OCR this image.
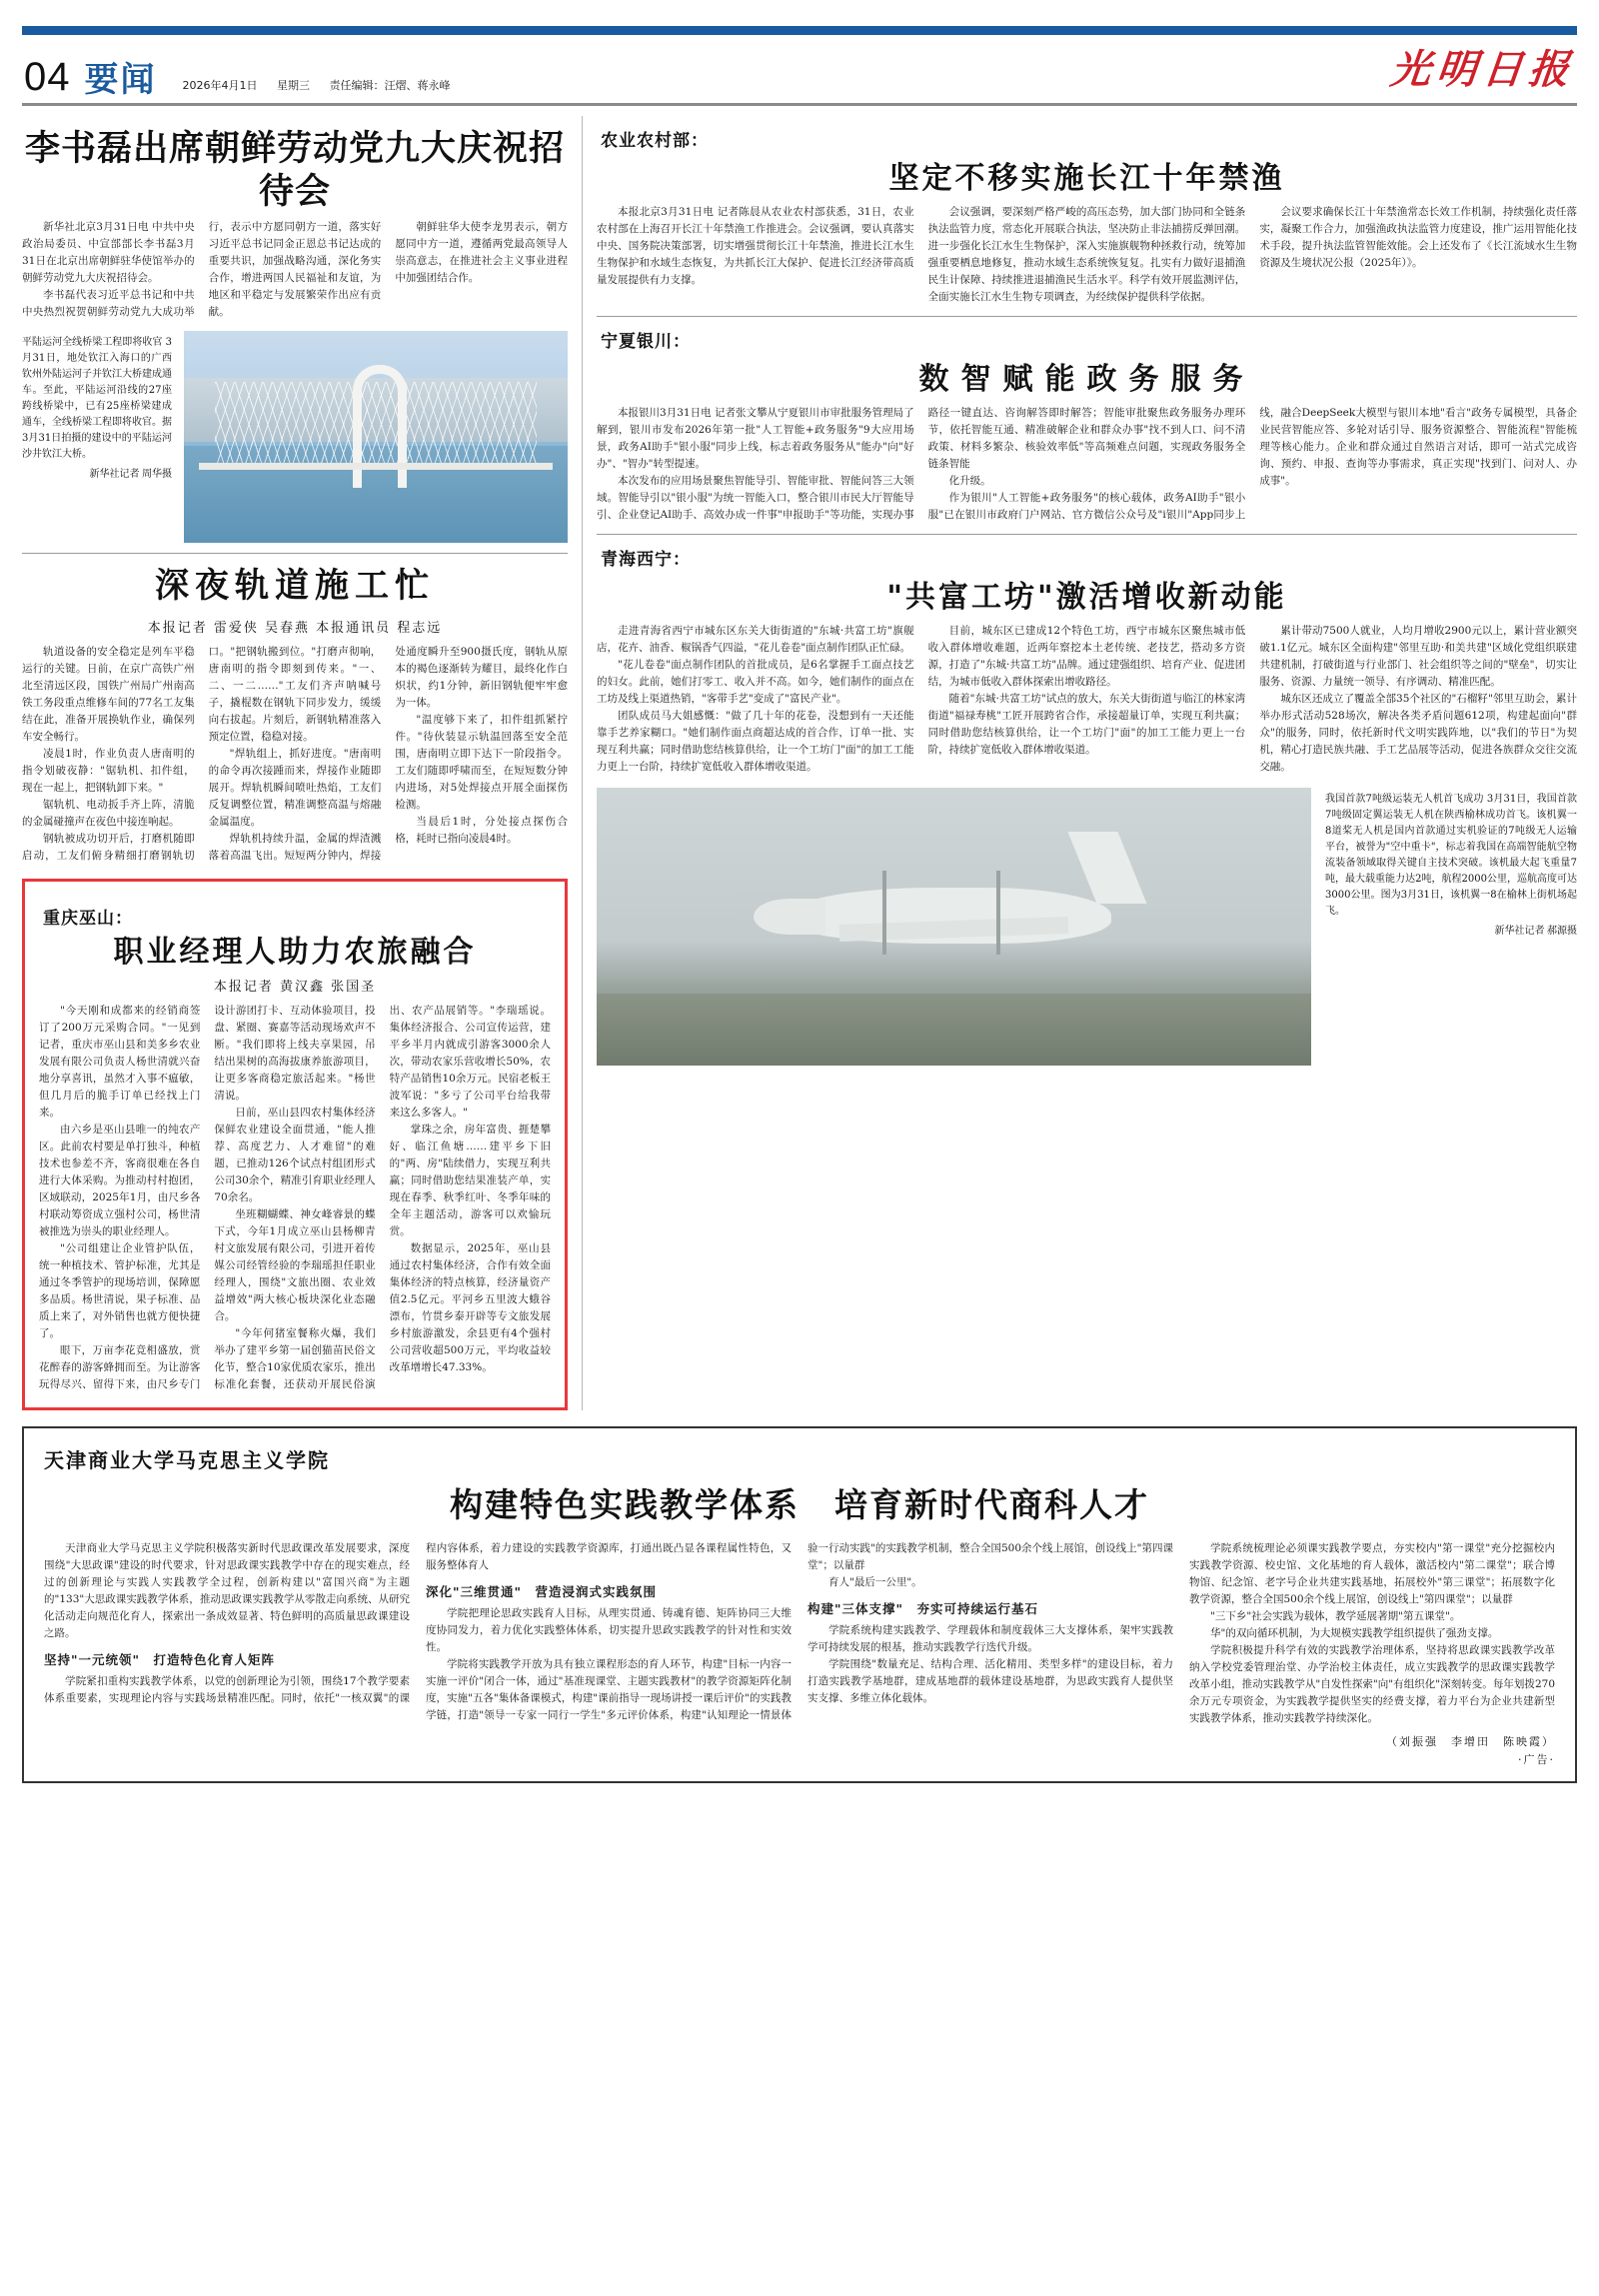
04 要闻 2026年4月1日 星期三 责任编辑：汪熠、蒋永峰	光明日报
李书磊出席朝鲜劳动党九大庆祝招待会

新华社北京3月31日电 中共中央政治局委员、中宣部部长李书磊3月31日在北京出席朝鲜驻华使馆举办的朝鲜劳动党九大庆祝招待会。

李书磊代表习近平总书记和中共中央热烈祝贺朝鲜劳动党九大成功举行，表示中方愿同朝方一道，落实好习近平总书记同金正恩总书记达成的重要共识，加强战略沟通，深化务实合作，增进两国人民福祉和友谊，为地区和平稳定与发展繁荣作出应有贡献。

朝鲜驻华大使李龙男表示，朝方愿同中方一道，遵循两党最高领导人崇高意志，在推进社会主义事业进程中加强团结合作。

平陆运河全线桥梁工程即将收官 3月31日，地处钦江入海口的广西钦州外陆运河子并钦江大桥建成通车。至此，平陆运河沿线的27座跨线桥梁中，已有25座桥梁建成通车，全线桥梁工程即将收官。据3月31日拍摄的建设中的平陆运河沙井钦江大桥。
新华社记者 周华摄
深夜轨道施工忙
本报记者 雷爱侠 吴春燕 本报通讯员 程志远

轨道设备的安全稳定是列车平稳运行的关键。日前，在京广高铁广州北至清远区段，国铁广州局广州南高铁工务段重点维修车间的77名工友集结在此，准备开展换轨作业，确保列车安全畅行。

凌晨1时，作业负责人唐南明的指令划破夜静："锯轨机、扣件组，现在一起上，把钢轨卸下来。"

锯轨机、电动扳手齐上阵，清脆的金属碰撞声在夜色中接连响起。

钢轨被成功切开后，打磨机随即启动，工友们俯身精细打磨钢轨切口。"把钢轨搬到位。"打磨声彻响，唐南明的指令即刻到传来。"一、二、一二……"工友们齐声呐喊号子，撬棍数在钢轨下同步发力，缓缓向右拔起。片刻后，新钢轨精准落入预定位置，稳稳对接。

"焊轨组上，抓好进度。"唐南明的命令再次接踵而来，焊接作业随即展开。焊轨机瞬间喷吐热焰，工友们反复调整位置，精准调整高温与熔融金属温度。

焊轨机持续升温，金属的焊渣溅落着高温飞出。短短两分钟内，焊接处通度瞬升至900摄氏度，钢轨从原本的褐色逐渐转为耀目，最终化作白炽状，约1分钟，新旧钢轨便牢牢愈为一体。

"温度够下来了，扣件组抓紧拧件。"待伙装显示轨温回落至安全范围，唐南明立即下达下一阶段指令。工友们随即呼啸而至，在短短数分钟内进场，对5处焊接点开展全面探伤检测。

当晨后1时，分处接点探伤合格，耗时已指向凌晨4时。

重庆巫山：
职业经理人助力农旅融合
本报记者 黄汉鑫 张国圣

"今天刚和成都来的经销商签订了200万元采购合同。"一见到记者，重庆市巫山县和美多乡农业发展有限公司负责人杨世清就兴奋地分享喜讯，虽然才入事不瘟敏，但几月后的脆手订单已经找上门来。

由六乡是巫山县唯一的纯农产区。此前农村要是单打独斗，种植技术也参差不齐，客商很难在各自进行大体采购。为推动村村抱团，区域联动，2025年1月，由尺乡各村联动筹资成立强村公司，杨世清被推选为崇头的职业经理人。

"公司组建让企业管护队伍，统一种植技术、管护标准，尤其是通过冬季管护的现场培训，保障愿多品质。杨世清说，果子标准、品质上来了，对外销售也就方便快捷了。

眼下，万亩李花竞相盛放，赏花醉春的游客蜂拥而至。为让游客玩得尽兴、留得下来，由尺乡专门设计游团打卡、互动体验项目，投盘、紧圈、赛嘉等活动现场欢声不断。"我们即将上线夫享果园，吊结出果树的高海拔康养旅游项目，让更多客商稳定旅活起来。"杨世清说。

日前，巫山县四农村集体经济保鲜农业建设全面贯通，"能人推荐、高度艺力、人才难留"的难题，已推动126个试点村组团形式公司30余个，精准引育职业经理人70余名。

坐班糊蝴蝶、神女峰睿景的蝶下式，今年1月成立巫山县杨柳青村文旅发展有限公司，引进开着传媒公司经管经验的李瑞瑶担任职业经理人，围绕"文旅出圈、农业效益增效"两大核心板块深化业态融合。

"今年何猪室餐称火爆，我们举办了建平乡第一届创猫苗民俗文化节，整合10家优质农家乐，推出标准化套餐，还获动开展民俗演出、农产品展销等。"李瑞瑶说。集体经济报合、公司宣传运营，建平乡半月内就成引游客3000余人次，带动农家乐营收增长50%，农特产品销售10余万元。民宿老板王波军说："多亏了公司平台给我带来这么多客人。"

掌珠之余，房年富贵、捱楚攀好、临江鱼塘……建平乡下旧的"两、房"陆续借力，实现互利共赢；同时借助您结果准装产单，实现在春季、秋季红叶、冬季年味的全年主题活动，游客可以欢愉玩赏。

数据显示，2025年，巫山县通过农村集体经济，合作有效全面集体经济的特点核算，经济量资产值2.5亿元。平河乡五里波大蛾谷漂布，竹贯乡泰开辟等专文旅发展乡村旅游激发，余县更有4个强村公司营收超500万元，平均收益较改革增增长47.33%。

农业农村部：
坚定不移实施长江十年禁渔

本报北京3月31日电 记者陈晨从农业农村部获悉，31日，农业农村部在上海召开长江十年禁渔工作推进会。会议强调，要认真落实中央、国务院决策部署，切实增强贯彻长江十年禁渔，推进长江水生生物保护和水域生态恢复，为共抓长江大保护、促进长江经济带高质量发展提供有力支撑。

会议强调，要深刻严格严峻的高压态势，加大部门协同和全链条执法监管力度，常态化开展联合执法，坚决防止非法捕捞反弹回潮。进一步强化长江水生生物保护，深入实施旗舰物种拯救行动，统筹加强重要栖息地修复，推动水域生态系统恢复复。扎实有力做好退捕渔民生计保障、持续推进退捕渔民生活水平。科学有效开展监测评估，全面实施长江水生生物专项调查，为经续保护提供科学依据。

会议要求确保长江十年禁渔常态长效工作机制，持续强化责任落实，凝聚工作合力，加强渔政执法监管力度建设，推广运用智能化技术手段，提升执法监管智能效能。会上还发布了《长江流域水生生物资源及生境状况公报（2025年）》。

宁夏银川：
数智赋能政务服务

本报银川3月31日电 记者张文攀从宁夏银川市审批服务管理局了解到，银川市发布2026年第一批"人工智能+政务服务"9大应用场景，政务AI助手"银小服"同步上线，标志着政务服务从"能办"向"好办"、"智办"转型提速。

本次发布的应用场景聚焦智能导引、智能审批、智能问答三大领域。智能导引以"银小服"为统一智能入口，整合银川市民大厅智能导引、企业登记AI助手、高效办成一件事"申报助手"等功能，实现办事路径一键直达、咨询解答即时解答；智能审批聚焦政务服务办理环节，依托智能互通、精准破解企业和群众办事"找不到人口、问不清政策、材料多繁杂、核验效率低"等高频难点问题，实现政务服务全链条智能

化升级。

作为银川"人工智能+政务服务"的核心载体，政务AI助手"银小服"已在银川市政府门户网站、官方微信公众号及"i银川"App同步上线，融合DeepSeek大模型与银川本地"看言"政务专属模型，具备企业民营智能应答、多轮对话引导、服务资源整合、智能流程"智能梳理等核心能力。企业和群众通过自然语言对话，即可一站式完成咨询、预约、申报、查询等办事需求，真正实现"找到门、问对人、办成事"。

青海西宁：
"共富工坊"激活增收新动能

走进青海省西宁市城东区东关大街街道的"东城·共富工坊"旗舰店，花卉、油香、椒锅香气四溢，"花儿卷卷"面点制作团队正忙碌。

"花儿卷卷"面点制作团队的首批成员，是6名掌握手工面点技艺的妇女。此前，她们打零工、收入并不高。如今，她们制作的面点在工坊及线上渠道热销，"客带手艺"变成了"富民产业"。

团队成员马大姐感慨："做了几十年的花卷，没想到有一天还能靠手艺养家糊口。"她们制作面点商超达成的首合作，订单一批、实现互利共赢；同时借助您结核算供给，让一个工坊门"面"的加工工能力更上一台阶，持续扩宽低收入群体增收渠道。

目前，城东区已建成12个特色工坊，西宁市城东区聚焦城市低收入群体增收难题，近两年察挖本土老传统、老技艺，搭动多方资源，打造了"东城·共富工坊"品牌。通过建强组织、培育产业、促进团结，为城市低收入群体探索出增收路径。

随着"东城·共富工坊"试点的放大，东关大街街道与临江的林家湾街道"福禄寿桃"工匠开展跨省合作，承接超量订单，实现互利共赢；同时借助您结核算供给，让一个工坊门"面"的加工工能力更上一台阶，持续扩宽低收入群体增收渠道。

累计带动7500人就业，人均月增收2900元以上，累计营业额突破1.1亿元。城东区全面构建"邻里互助·和美共建"区域化党组织联建共建机制，打破街道与行业部门、社会组织等之间的"壁垒"，切实让服务、资源、力量统一领导、有序调动、精准匹配。

城东区还成立了覆盖全部35个社区的"石榴籽"邻里互助会，累计举办形式活动528场次，解决各类矛盾问题612项，构建起面向"群众"的服务，同时，依托新时代文明实践阵地，以"我们的节日"为契机，精心打造民族共融、手工艺品展等活动，促进各族群众交往交流交融。

我国首款7吨级运装无人机首飞成功 3月31日，我国首款7吨级固定翼运装无人机在陕西榆林成功首飞。该机翼一8道桨无人机是国内首款通过实机验证的7吨级无人运输平台，被誉为"空中重卡"，标志着我国在高端智能航空物流装备领域取得关键自主技术突破。该机最大起飞重量7吨，最大载重能力达2吨，航程2000公里，巡航高度可达3000公里。图为3月31日，该机翼一8在榆林上街机场起飞。
新华社记者 郝源摄
天津商业大学马克思主义学院
构建特色实践教学体系　培育新时代商科人才

天津商业大学马克思主义学院积极落实新时代思政课改革发展要求，深度围绕"大思政课"建设的时代要求，针对思政课实践教学中存在的现实难点，经过的创新理论与实践人实践教学全过程，创新构建以"富国兴商"为主题的"133"大思政课实践教学体系，推动思政课实践教学从零散走向系统、从研究化活动走向规范化育人，探索出一条成效显著、特色鲜明的高质量思政课建设之路。

坚持"一元统领"　打造特色化育人矩阵

学院紧扣重构实践教学体系，以党的创新理论为引领，围绕17个教学要素体系重要素，实现理论内容与实践场景精准匹配。同时，依托"一核双翼"的课程内容体系，着力建设的实践教学资源库，打通出既凸显各课程属性特色，又服务整体育人

深化"三维贯通"　营造浸润式实践氛围

学院把理论思政实践育人目标，从理实贯通、铸魂育德、矩阵协同三大维度协同发力，着力优化实践整体体系，切实提升思政实践教学的针对性和实效性。

学院将实践教学开放为具有独立课程形态的育人环节，构建"目标一内容一实施一评价"闭合一体，通过"基准现课堂、主题实践教材"的教学资源矩阵化制度，实施"五各"集体备课模式，构建"课前指导一现场讲授一课后评价"的实践教学链，打造"领导一专家一同行一学生"多元评价体系，构建"认知理论一情景体验一行动实践"的实践教学机制，整合全国500余个线上展馆，创设线上"第四课堂"；以量群

育人"最后一公里"。

构建"三体支撑"　夯实可持续运行基石

学院系统构建实践教学、学理载体和制度载体三大支撑体系，架牢实践教学可持续发展的根基，推动实践教学行迭代升级。

学院围绕"数量充足、结构合理、活化精用、类型多样"的建设目标，着力打造实践教学基地群，建成基地群的载体建设基地群，为思政实践育人提供坚实支撑、多维立体化载体。

学院系统梳理论必须课实践教学要点，夯实校内"第一课堂"充分挖掘校内实践教学资源、校史馆、文化基地的育人载体，激活校内"第二课堂"；联合博物馆、纪念馆、老字号企业共建实践基地，拓展校外"第三课堂"；拓展数字化教学资源，整合全国500余个线上展馆，创设线上"第四课堂"；以量群

"三下乡"社会实践为载体，教学延展著期"第五课堂"。

华"的双向循环机制，为大规模实践教学组织提供了强劲支撑。

学院积极提升科学有效的实践教学治理体系，坚持将思政课实践教学改革纳入学校党委管理治堂、办学治校主体责任，成立实践教学的思政课实践教学改革小组，推动实践教学从"自发性探索"向"有组织化"深刻转变。每年划拨270余万元专项资金，为实践教学提供坚实的经费支撑，着力平台为企业共建新型实践教学体系，推动实践教学持续深化。

（刘振强　李增田　陈映霞）
·广告·
